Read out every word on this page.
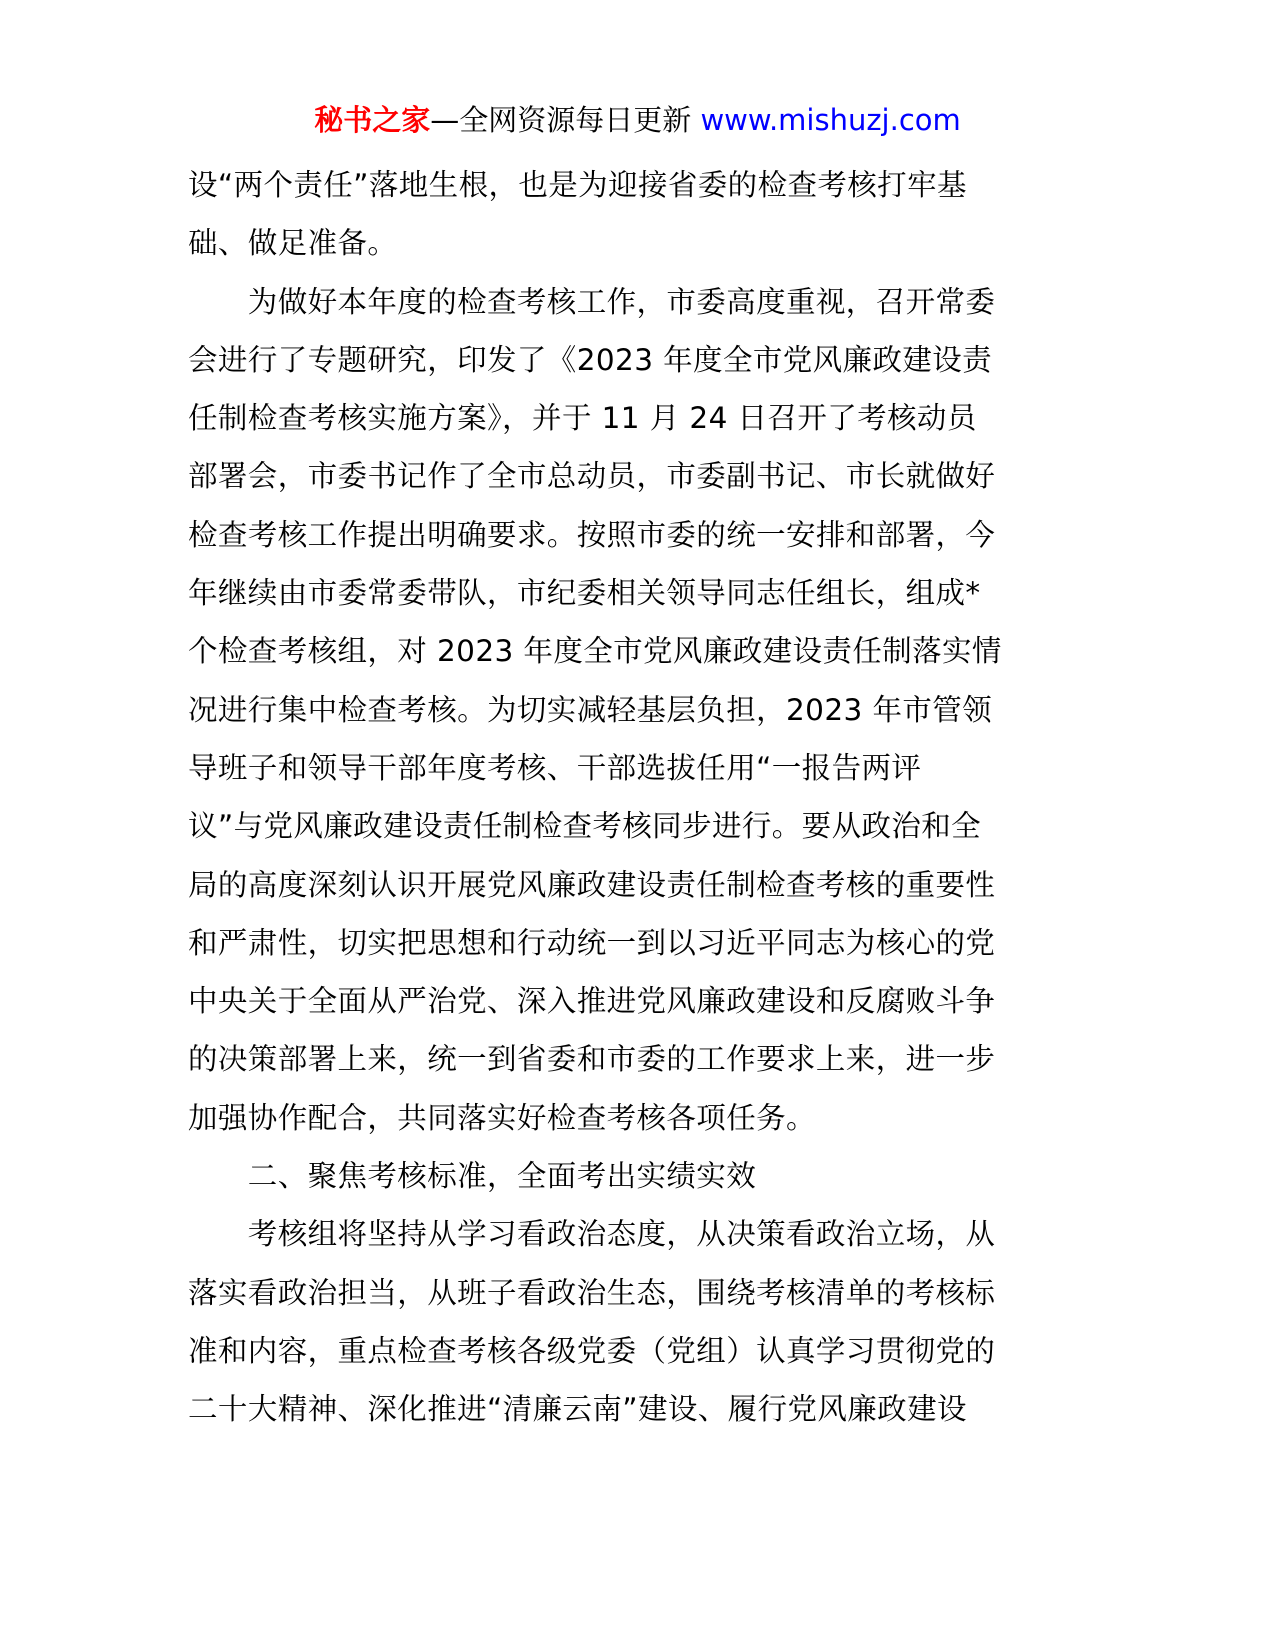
秘书之家—全网资源每日更新 www.mishuzj.com
设“两个责任”落地生根，也是为迎接省委的检查考核打牢基
础、做足准备。
　　为做好本年度的检查考核工作，市委高度重视，召开常委
会进行了专题研究，印发了《2023 年度全市党风廉政建设责
任制检查考核实施方案》，并于 11 月 24 日召开了考核动员
部署会，市委书记作了全市总动员，市委副书记、市长就做好
检查考核工作提出明确要求。按照市委的统一安排和部署，今
年继续由市委常委带队，市纪委相关领导同志任组长，组成*
个检查考核组，对 2023 年度全市党风廉政建设责任制落实情
况进行集中检查考核。为切实减轻基层负担，2023 年市管领
导班子和领导干部年度考核、干部选拔任用“一报告两评
议”与党风廉政建设责任制检查考核同步进行。要从政治和全
局的高度深刻认识开展党风廉政建设责任制检查考核的重要性
和严肃性，切实把思想和行动统一到以习近平同志为核心的党
中央关于全面从严治党、深入推进党风廉政建设和反腐败斗争
的决策部署上来，统一到省委和市委的工作要求上来，进一步
加强协作配合，共同落实好检查考核各项任务。
　　二、聚焦考核标准，全面考出实绩实效
　　考核组将坚持从学习看政治态度，从决策看政治立场，从
落实看政治担当，从班子看政治生态，围绕考核清单的考核标
准和内容，重点检查考核各级党委（党组）认真学习贯彻党的
二十大精神、深化推进“清廉云南”建设、履行党风廉政建设
